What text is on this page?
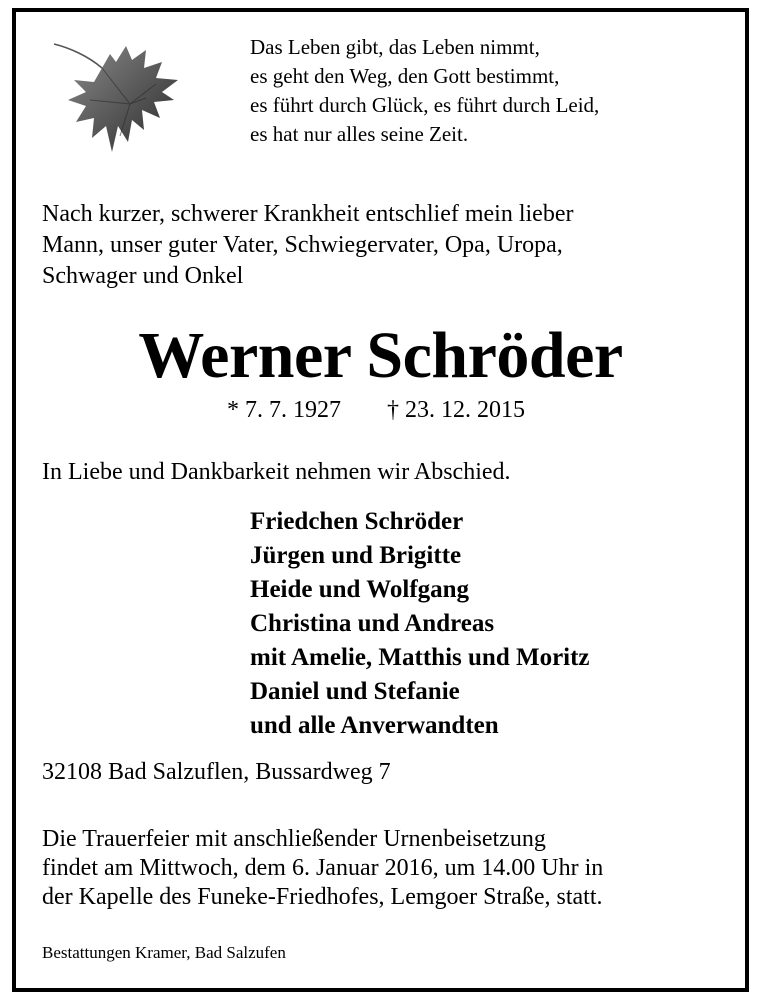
Das Leben gibt, das Leben nimmt,
es geht den Weg, den Gott bestimmt,
es führt durch Glück, es führt durch Leid,
es hat nur alles seine Zeit.
Nach kurzer, schwerer Krankheit entschlief mein lieber
Mann, unser guter Vater, Schwiegervater, Opa, Uropa,
Schwager und Onkel
Werner Schröder
* 7. 7. 1927 † 23. 12. 2015
In Liebe und Dankbarkeit nehmen wir Abschied.
Friedchen Schröder
Jürgen und Brigitte
Heide und Wolfgang
Christina und Andreas
mit Amelie, Matthis und Moritz
Daniel und Stefanie
und alle Anverwandten
32108 Bad Salzuflen, Bussardweg 7
Die Trauerfeier mit anschließender Urnenbeisetzung
findet am Mittwoch, dem 6. Januar 2016, um 14.00 Uhr in
der Kapelle des Funeke-Friedhofes, Lemgoer Straße, statt.
Bestattungen Kramer, Bad Salzufen
